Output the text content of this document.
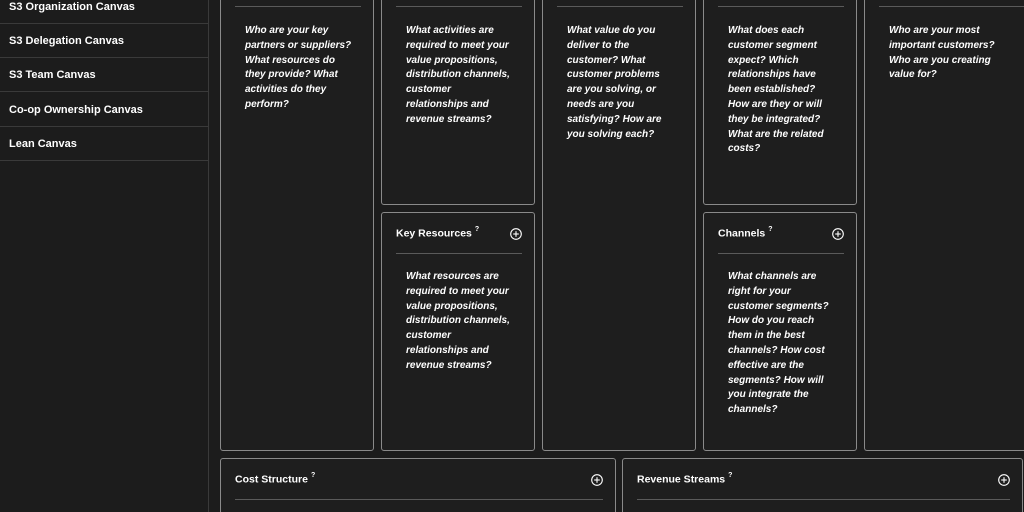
S3 Organization Canvas
S3 Delegation Canvas
S3 Team Canvas
Co-op Ownership Canvas
Lean Canvas
Who are your key partners or suppliers? What resources do they provide? What activities do they perform?
What activities are required to meet your value propositions, distribution channels, customer relationships and revenue streams?
Key Resources ?
What resources are required to meet your value propositions, distribution channels, customer relationships and revenue streams?
What value do you deliver to the customer? What customer problems are you solving, or needs are you satisfying? How are you solving each?
What does each customer segment expect? Which relationships have been established? How are they or will they be integrated? What are the related costs?
Channels ?
What channels are right for your customer segments? How do you reach them in the best channels? How cost effective are the segments? How will you integrate the channels?
Who are your most important customers? Who are you creating value for?
Cost Structure ?	Revenue Streams ?
